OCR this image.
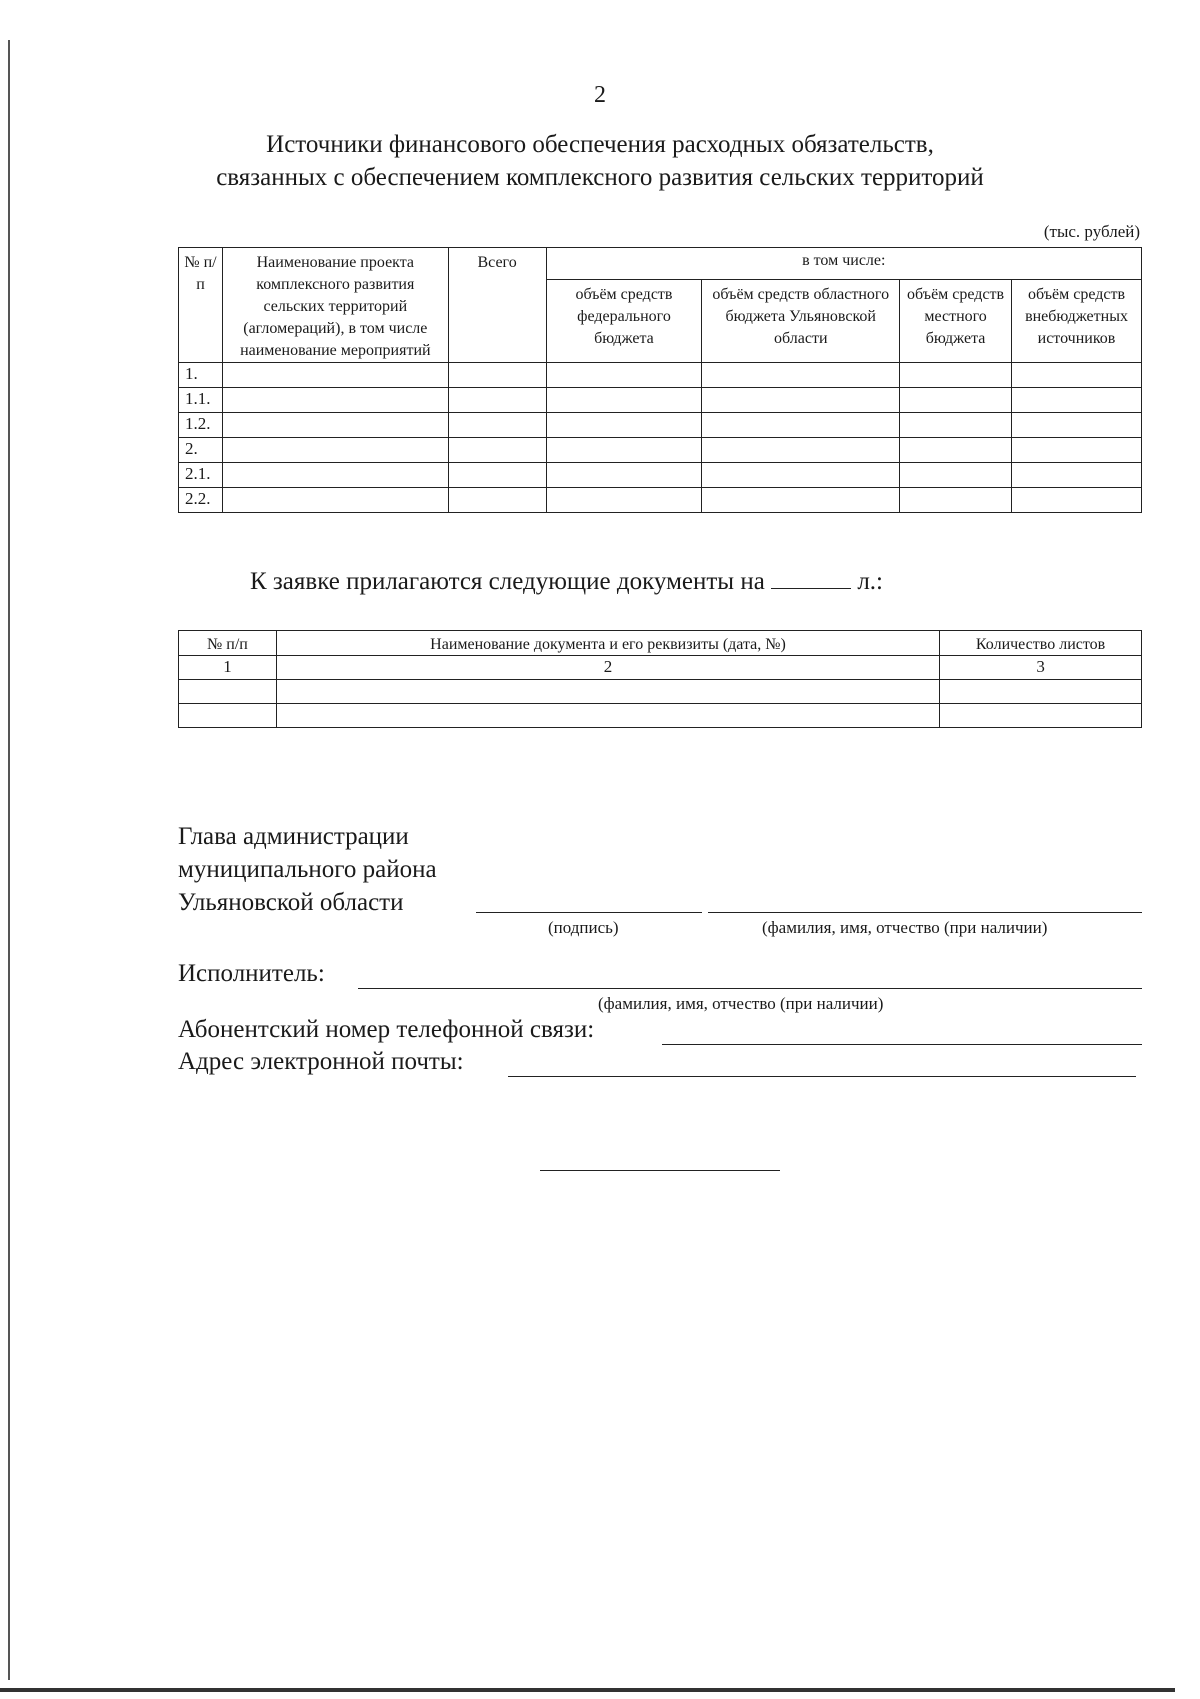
2
Источники финансового обеспечения расходных обязательств,
связанных с обеспечением комплексного развития сельских территорий
(тыс. рублей)
№ п/п	Наименование проекта комплексного развития сельских территорий (агломераций), в том числе наименование мероприятий	Всего	в том числе:			
			объём средств федерального бюджета	объём средств областного бюджета Ульяновской области	объём средств местного бюджета	объём средств внебюджетных источников
1.						
1.1.						
1.2.						
2.						
2.1.						
2.2.						
К заявке прилагаются следующие документы на	л.:
№ п/п	Наименование документа и его реквизиты (дата, №)	Количество листов
1	2	3

Глава администрации
муниципального района
Ульяновской области
(подпись)	(фамилия, имя, отчество (при наличии)
Исполнитель:
(фамилия, имя, отчество (при наличии)
Абонентский номер телефонной связи:
Адрес электронной почты:
